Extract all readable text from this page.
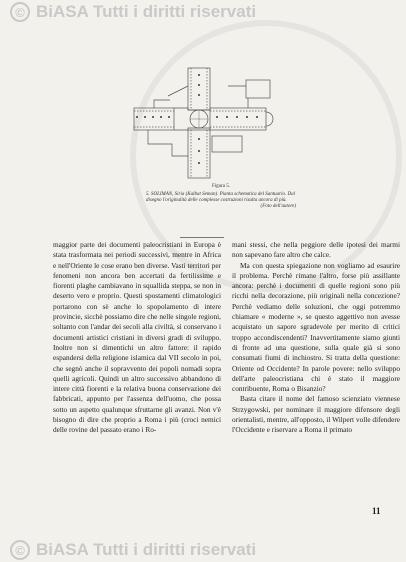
© BiASA Tutti i diritti riservati
Figura 5.
5. SOLIMAN, Siria (Kalbat Seman). Pianta schematica del Santuario. Dal disegno l'originalità delle complesse costruzioni risulta ancora di più.
(Foto dell'autore)

maggior parte dei documenti paleocristiani in Europa è stata trasformata nei periodi successivi, mentre in Africa e nell'Oriente le cose erano ben diverse. Vasti territori per fenomeni non ancora ben accertati da fertilissime e fiorenti plaghe cambiavano in squallida steppa, se non in deserto vero e proprio. Questi spostamenti climatologici portarono con sè anche lo spopolamento di intere provincie, sicchè possiamo dire che nelle singole regioni, soltanto con l'andar dei secoli alla civiltà, si conservano i documenti artistici cristiani in diversi gradi di sviluppo. Inoltre non si dimentichi un altro fattore: il rapido espandersi della religione islamica dal VII secolo in poi, che segnò anche il sopravvento dei popoli nomadi sopra quelli agricoli. Quindi un altro successivo abbandono di intere città fiorenti e la relativa buona conservazione dei fabbricati, appunto per l'assenza dell'uomo, che possa sotto un aspetto qualunque sfruttarne gli avanzi. Non v'è bisogno di dire che proprio a Roma i più (croci nemici delle rovine del passato erano i Ro-

mani stessi, che nella peggiore delle ipotesi dei marmi non sapevano fare altro che calce.

Ma con questa spiegazione non vogliamo ad esaurire il problema. Perchè rimane l'altro, forse più assillante ancora: perchè i documenti di quelle regioni sono più ricchi nella decorazione, più originali nella concezione? Perchè vediamo delle soluzioni, che oggi potremmo chiamare « moderne », se questo aggettivo non avesse acquistato un sapore sgradevole per merito di critici troppo accondiscendenti? Inavvertitamente siamo giunti di fronte ad una questione, sulla quale già si sono consumati fiumi di inchiostro. Si tratta della questione: Oriente od Occidente? In parole povere: nello sviluppo dell'arte paleocristiana chi è stato il maggiore contribuente, Roma o Bisanzio?

Basta citare il nome del famoso scienziato viennese Strzygowski, per nominare il maggiore difensore degli orientalisti, mentre, all'opposto, il Wilpert volle difendere l'Occidente e riservare a Roma il primato

11
© BiASA Tutti i diritti riservati
